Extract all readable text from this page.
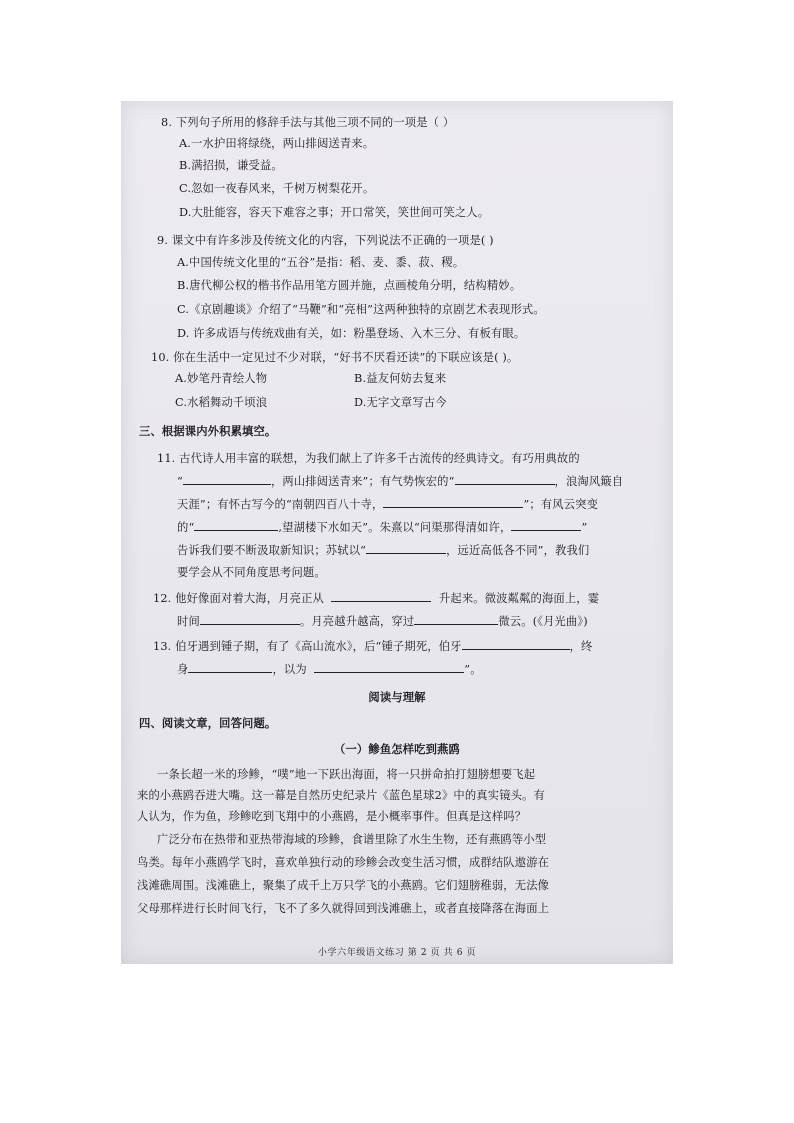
8. 下列句子所用的修辞手法与其他三项不同的一项是（ ）
A.一水护田将绿绕，两山排闼送青来。
B.满招损，谦受益。
C.忽如一夜春风来，千树万树梨花开。
D.大肚能容，容天下难容之事；开口常笑，笑世间可笑之人。
9. 课文中有许多涉及传统文化的内容，下列说法不正确的一项是( )
A.中国传统文化里的“五谷”是指：稻、麦、黍、菽、稷。
B.唐代柳公权的楷书作品用笔方圆并施，点画棱角分明，结构精妙。
C.《京剧趣谈》介绍了“马鞭”和“亮相”这两种独特的京剧艺术表现形式。
D. 许多成语与传统戏曲有关，如：粉墨登场、入木三分、有板有眼。
10. 你在生活中一定见过不少对联，“好书不厌看还读”的下联应该是( )。
A.妙笔丹青绘人物	B.益友何妨去复来
C.水稻舞动千顷浪	D.无字文章写古今
三、根据课内外积累填空。
11. 古代诗人用丰富的联想，为我们献上了许多千古流传的经典诗文。有巧用典故的
“	，两山排闼送青来”；有气势恢宏的“	，浪淘风簸自
天涯”；有怀古写今的“南朝四百八十寺，	”；有风云突变
的“	,望湖楼下水如天”。朱熹以“问渠那得清如许，	”
告诉我们要不断汲取新知识；苏轼以“	，远近高低各不同”，教我们
要学会从不同角度思考问题。
12. 他好像面对着大海，月亮正从	升起来。微波粼粼的海面上，霎
时间	。月亮越升越高，穿过	微云。(《月光曲》)
13. 伯牙遇到锺子期，有了《高山流水》，后“锺子期死，伯牙	，终
身	，以为	”。
阅读与理解
四、阅读文章，回答问题。
（一）鲹鱼怎样吃到燕鸥
一条长超一米的珍鲹，“噗”地一下跃出海面，将一只拼命拍打翅膀想要飞起
来的小燕鸥吞进大嘴。这一幕是自然历史纪录片《蓝色星球2》中的真实镜头。有
人认为，作为鱼，珍鲹吃到飞翔中的小燕鸥，是小概率事件。但真是这样吗？
广泛分布在热带和亚热带海域的珍鲹，食谱里除了水生生物，还有燕鸥等小型
鸟类。每年小燕鸥学飞时，喜欢单独行动的珍鲹会改变生活习惯，成群结队遨游在
浅滩礁周围。浅滩礁上，聚集了成千上万只学飞的小燕鸥。它们翅膀稚弱，无法像
父母那样进行长时间飞行，飞不了多久就得回到浅滩礁上，或者直接降落在海面上
小学六年级语文练习 第 2 页 共 6 页
